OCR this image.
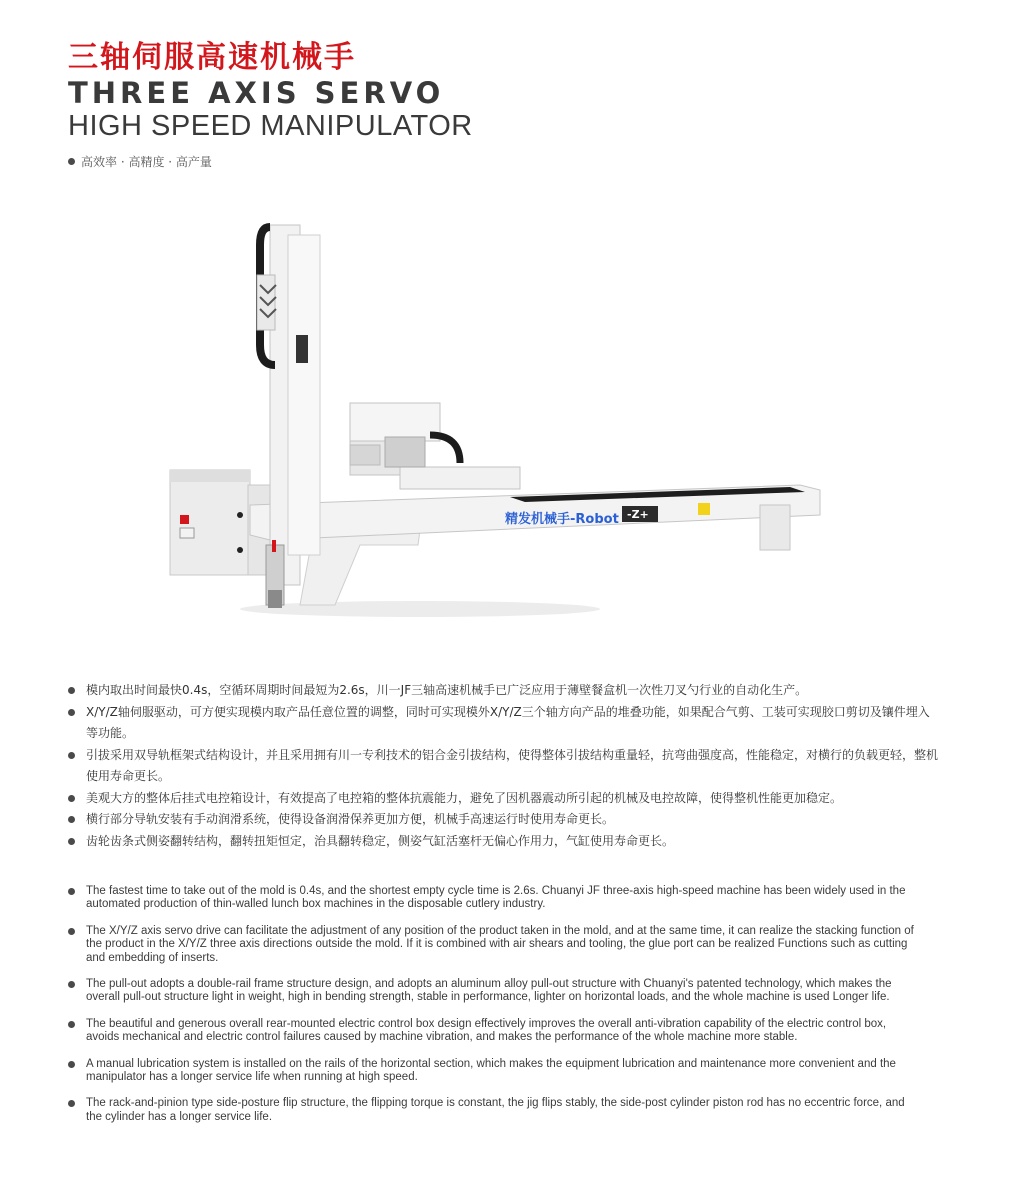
三轴伺服高速机械手
THREE AXIS SERVO
HIGH SPEED MANIPULATOR

高效率 · 高精度 · 高产量

精发机械手-Robot -Z+
模内取出时间最快0.4s，空循环周期时间最短为2.6s，川一JF三轴高速机械手已广泛应用于薄壁餐盒机一次性刀叉勺行业的自动化生产。
X/Y/Z轴伺服驱动，可方便实现模内取产品任意位置的调整，同时可实现模外X/Y/Z三个轴方向产品的堆叠功能，如果配合气剪、工装可实现胶口剪切及镶件埋入等功能。
引拔采用双导轨框架式结构设计，并且采用拥有川一专利技术的铝合金引拔结构，使得整体引拔结构重量轻，抗弯曲强度高，性能稳定，对横行的负载更轻，整机使用寿命更长。
美观大方的整体后挂式电控箱设计，有效提高了电控箱的整体抗震能力，避免了因机器震动所引起的机械及电控故障，使得整机性能更加稳定。
横行部分导轨安装有手动润滑系统，使得设备润滑保养更加方便，机械手高速运行时使用寿命更长。
齿轮齿条式侧姿翻转结构，翻转扭矩恒定，治具翻转稳定，侧姿气缸活塞杆无偏心作用力，气缸使用寿命更长。
The fastest time to take out of the mold is 0.4s, and the shortest empty cycle time is 2.6s. Chuanyi JF three-axis high-speed machine has been widely used in the automated production of thin-walled lunch box machines in the disposable cutlery industry.
The X/Y/Z axis servo drive can facilitate the adjustment of any position of the product taken in the mold, and at the same time, it can realize the stacking function of the product in the X/Y/Z three axis directions outside the mold. If it is combined with air shears and tooling, the glue port can be realized Functions such as cutting and embedding of inserts.
The pull-out adopts a double-rail frame structure design, and adopts an aluminum alloy pull-out structure with Chuanyi's patented technology, which makes the overall pull-out structure light in weight, high in bending strength, stable in performance, lighter on horizontal loads, and the whole machine is used Longer life.
The beautiful and generous overall rear-mounted electric control box design effectively improves the overall anti-vibration capability of the electric control box, avoids mechanical and electric control failures caused by machine vibration, and makes the performance of the whole machine more stable.
A manual lubrication system is installed on the rails of the horizontal section, which makes the equipment lubrication and maintenance more convenient and the manipulator has a longer service life when running at high speed.
The rack-and-pinion type side-posture flip structure, the flipping torque is constant, the jig flips stably, the side-post cylinder piston rod has no eccentric force, and the cylinder has a longer service life.
